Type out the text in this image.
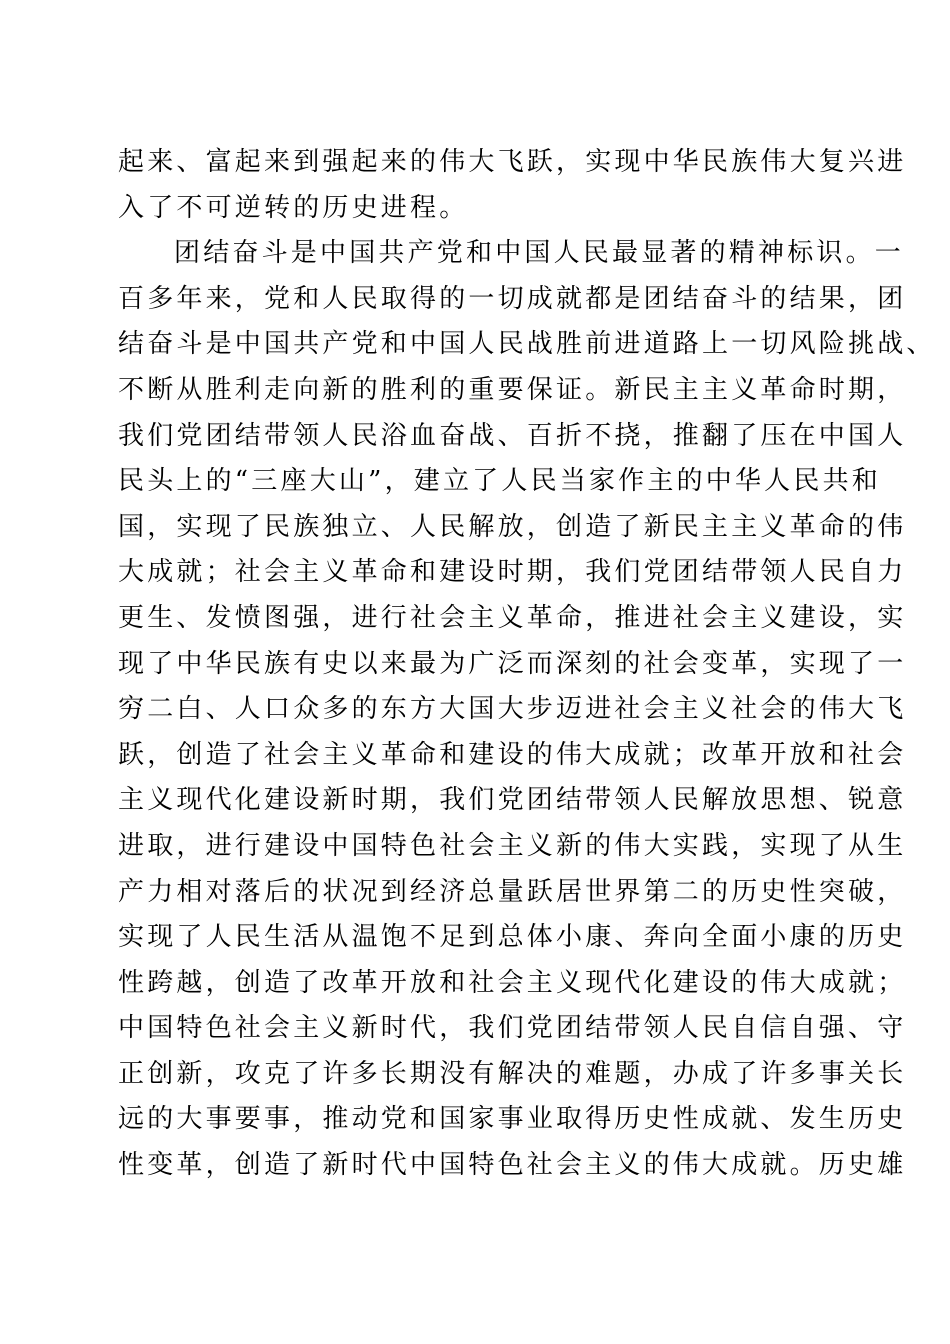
起来、富起来到强起来的伟大飞跃，实现中华民族伟大复兴进
入了不可逆转的历史进程。
团结奋斗是中国共产党和中国人民最显著的精神标识。一
百多年来，党和人民取得的一切成就都是团结奋斗的结果，团
结奋斗是中国共产党和中国人民战胜前进道路上一切风险挑战、
不断从胜利走向新的胜利的重要保证。新民主主义革命时期，
我们党团结带领人民浴血奋战、百折不挠，推翻了压在中国人
民头上的“三座大山”，建立了人民当家作主的中华人民共和
国，实现了民族独立、人民解放，创造了新民主主义革命的伟
大成就；社会主义革命和建设时期，我们党团结带领人民自力
更生、发愤图强，进行社会主义革命，推进社会主义建设，实
现了中华民族有史以来最为广泛而深刻的社会变革，实现了一
穷二白、人口众多的东方大国大步迈进社会主义社会的伟大飞
跃，创造了社会主义革命和建设的伟大成就；改革开放和社会
主义现代化建设新时期，我们党团结带领人民解放思想、锐意
进取，进行建设中国特色社会主义新的伟大实践，实现了从生
产力相对落后的状况到经济总量跃居世界第二的历史性突破，
实现了人民生活从温饱不足到总体小康、奔向全面小康的历史
性跨越，创造了改革开放和社会主义现代化建设的伟大成就；
中国特色社会主义新时代，我们党团结带领人民自信自强、守
正创新，攻克了许多长期没有解决的难题，办成了许多事关长
远的大事要事，推动党和国家事业取得历史性成就、发生历史
性变革，创造了新时代中国特色社会主义的伟大成就。历史雄
